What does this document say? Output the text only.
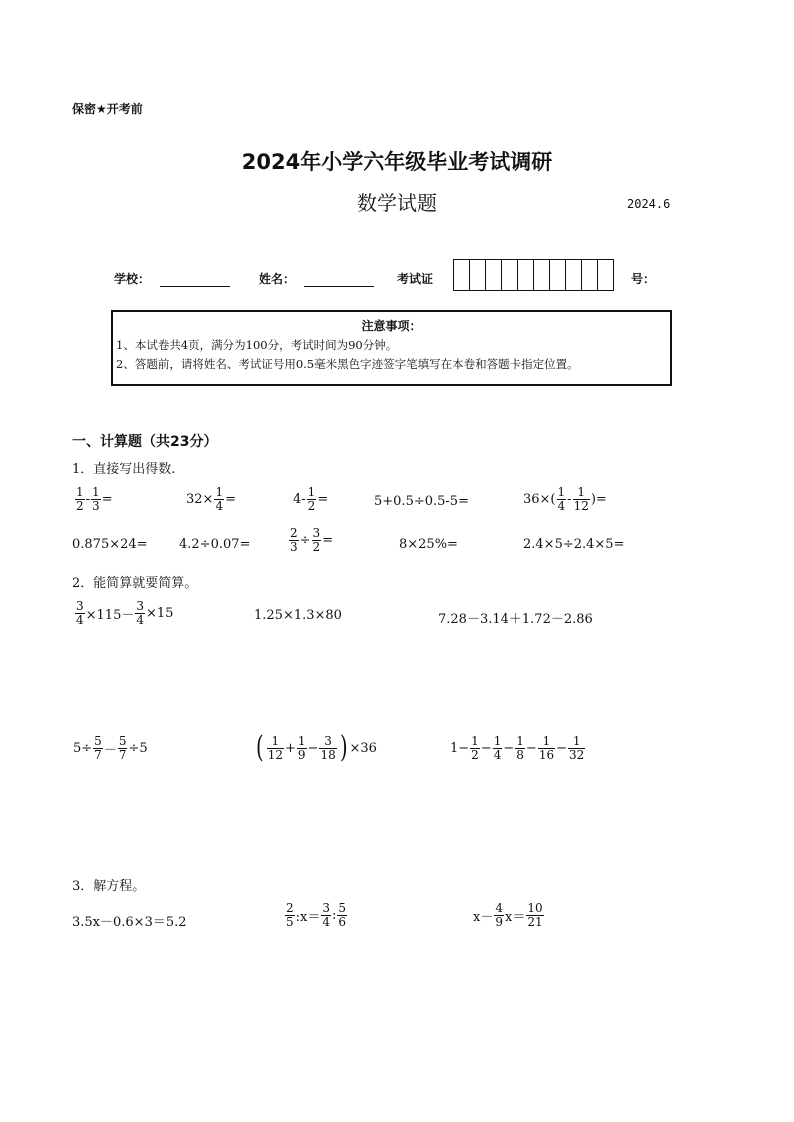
保密★开考前
2024年小学六年级毕业考试调研
数学试题	2024.6
学校：	姓名：	考试证	号：
注意事项：
1、本试卷共4页，满分为100分，考试时间为90分钟。
2、答题前，请将姓名、考试证号用0.5毫米黑色字迹签字笔填写在本卷和答题卡指定位置。
一、计算题（共23分）
1．直接写出得数.
$\frac{1}{2} - \frac{1}{3}$ =	$32\times \frac{1}{4}$ =	$4- \frac{1}{2}$ =	5+0.5÷0.5-5=	$36\times( \frac{1}{4} - \frac{1}{12}$ )=
0.875×24= 4.2÷0.07=	$\frac{2}{3} \div \frac{3}{2}$ =	8×25%=	2.4×5÷2.4×5=
2．能简算就要简算。
$\frac{3}{4} \times 115- \frac{3}{4} \times 15$	1.25×1.3×80	7.28－3.14＋1.72－2.86
$5\div \frac{5}{7} - \frac{5}{7} \div 5$	( $\frac{1}{12} + \frac{1}{9} - \frac{3}{18}$ ) ×36	$1- \frac{1}{2} - \frac{1}{4} - \frac{1}{8} - \frac{1}{16} - \frac{1}{32}$
3．解方程。
3.5x－0.6×3＝5.2	$\frac{2}{5}$ :x＝ $\frac{3}{4}$ : $\frac{5}{6}$	$x- \frac{4}{9} x= \frac{10}{21}$
